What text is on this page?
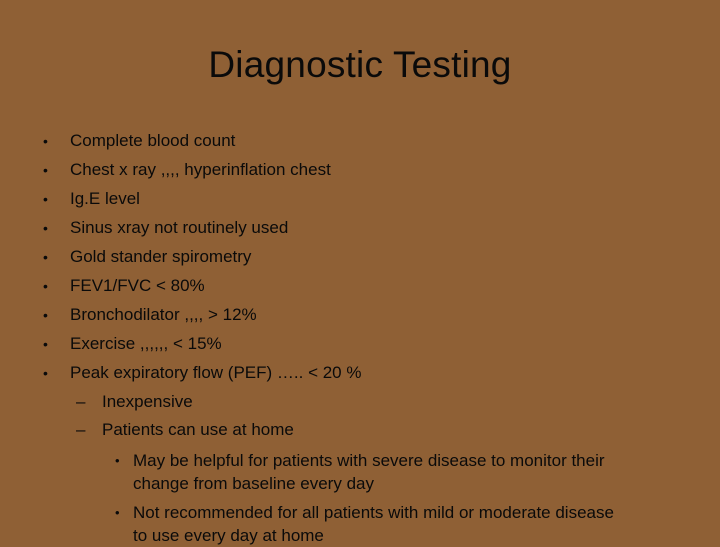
Diagnostic Testing
• Complete blood count
• Chest x ray ,,,, hyperinflation chest
• Ig.E level
• Sinus xray not routinely used
• Gold stander spirometry
• FEV1/FVC < 80%
• Bronchodilator ,,,, > 12%
• Exercise ,,,,,, < 15%
• Peak expiratory flow (PEF) ….. < 20 %
– Inexpensive
– Patients can use at home
• May be helpful for patients with severe disease to monitor their
change from baseline every day
• Not recommended for all patients with mild or moderate disease
to use every day at home
